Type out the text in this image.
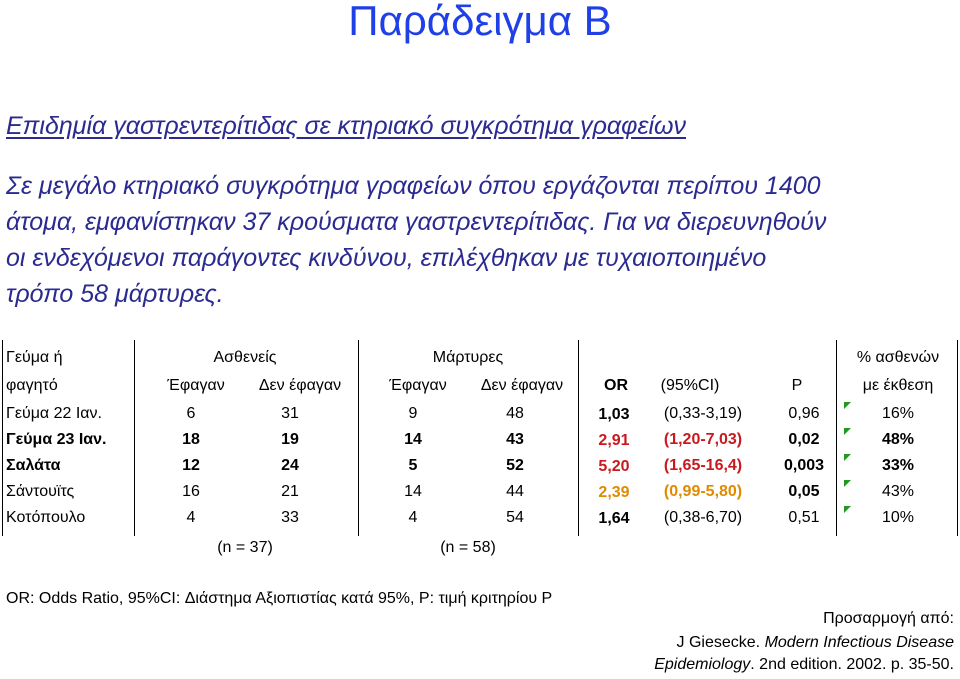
Παράδειγμα Β
Επιδημία γαστρεντερίτιδας σε κτηριακό συγκρότημα γραφείων
Σε μεγάλο κτηριακό συγκρότημα γραφείων όπου εργάζονται περίπου 1400
άτομα, εμφανίστηκαν 37 κρούσματα γαστρεντερίτιδας. Για να διερευνηθούν
οι ενδεχόμενοι παράγοντες κινδύνου, επιλέχθηκαν με τυχαιοποιημένο
τρόπο 58 μάρτυρες.
Γεύμα ή	Ασθενείς	Μάρτυρες	% ασθενών
φαγητό	Έφαγαν Δεν έφαγαν	Έφαγαν Δεν έφαγαν	OR (95%CI)	P	με έκθεση
Γεύμα 22 Ιαν.	6	31	9	48	1,03 (0,33-3,19)	0,96	16%
Γεύμα 23 Ιαν.	18	19	14	43	2,91 (1,20-7,03)	0,02	48%
Σαλάτα	12	24	5	52	5,20 (1,65-16,4)	0,003	33%
Σάντουϊτς	16	21	14	44	2,39 (0,99-5,80)	0,05	43%
Κοτόπουλο	4	33	4	54	1,64 (0,38-6,70)	0,51	10%
(n = 37)	(n = 58)
OR: Odds Ratio, 95%CI: Διάστημα Αξιοπιστίας κατά 95%, P: τιμή κριτηρίου P
Προσαρμογή από:
J Giesecke. Modern Infectious Disease
Epidemiology. 2nd edition. 2002. p. 35-50.
